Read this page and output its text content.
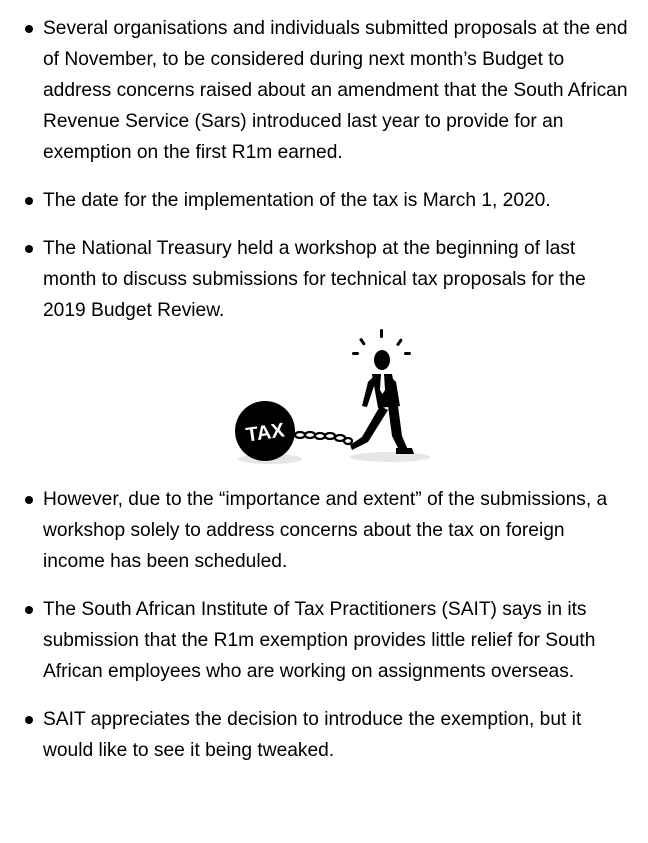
Several organisations and individuals submitted proposals at the end of November, to be considered during next month’s Budget to address concerns raised about an amendment that the South African Revenue Service (Sars) introduced last year to provide for an exemption on the first R1m earned.
The date for the implementation of the tax is March 1, 2020.
The National Treasury held a workshop at the beginning of last month to discuss submissions for technical tax proposals for the 2019 Budget Review.
TAX
However, due to the “importance and extent” of the submissions, a workshop solely to address concerns about the tax on foreign income has been scheduled.
The South African Institute of Tax Practitioners (SAIT) says in its submission that the R1m exemption provides little relief for South African employees who are working on assignments overseas.
SAIT appreciates the decision to introduce the exemption, but it would like to see it being tweaked.
